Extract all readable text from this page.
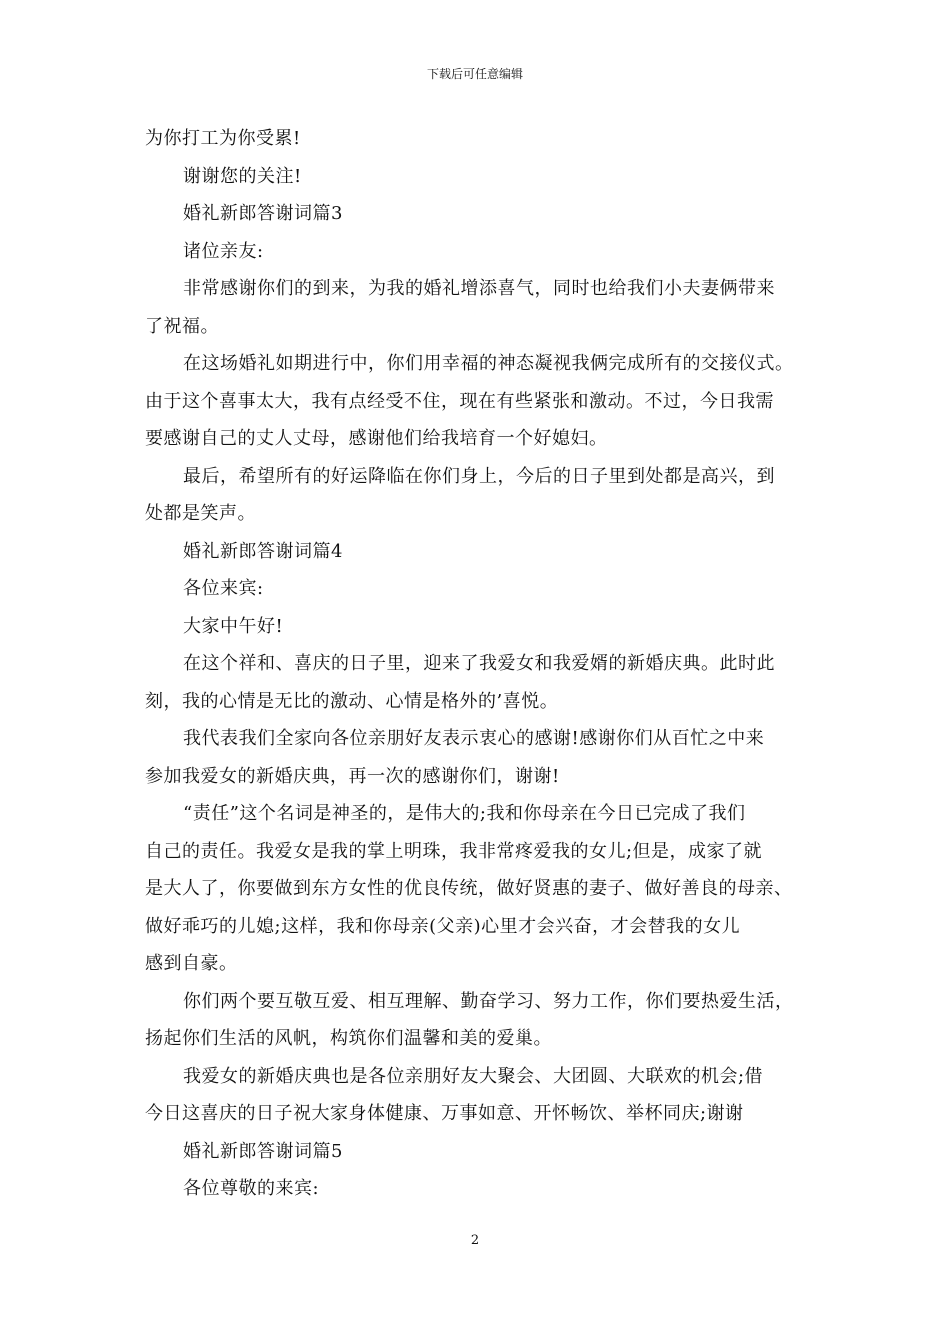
下载后可任意编辑

为你打工为你受累!

谢谢您的关注!

婚礼新郎答谢词篇3

诸位亲友:

非常感谢你们的到来，为我的婚礼增添喜气，同时也给我们小夫妻俩带来

了祝福。

在这场婚礼如期进行中，你们用幸福的神态凝视我俩完成所有的交接仪式。

由于这个喜事太大，我有点经受不住，现在有些紧张和激动。不过，今日我需

要感谢自己的丈人丈母，感谢他们给我培育一个好媳妇。

最后，希望所有的好运降临在你们身上，今后的日子里到处都是高兴，到

处都是笑声。

婚礼新郎答谢词篇4

各位来宾:

大家中午好!

在这个祥和、喜庆的日子里，迎来了我爱女和我爱婿的新婚庆典。此时此

刻，我的心情是无比的激动、心情是格外的’喜悦。

我代表我们全家向各位亲朋好友表示衷心的感谢!感谢你们从百忙之中来

参加我爱女的新婚庆典，再一次的感谢你们，谢谢!

“责任”这个名词是神圣的，是伟大的;我和你母亲在今日已完成了我们

自己的责任。我爱女是我的掌上明珠，我非常疼爱我的女儿;但是，成家了就

是大人了，你要做到东方女性的优良传统，做好贤惠的妻子、做好善良的母亲、

做好乖巧的儿媳;这样，我和你母亲(父亲)心里才会兴奋，才会替我的女儿

感到自豪。

你们两个要互敬互爱、相互理解、勤奋学习、努力工作，你们要热爱生活，

扬起你们生活的风帆，构筑你们温馨和美的爱巢。

我爱女的新婚庆典也是各位亲朋好友大聚会、大团圆、大联欢的机会;借

今日这喜庆的日子祝大家身体健康、万事如意、开怀畅饮、举杯同庆;谢谢

婚礼新郎答谢词篇5

各位尊敬的来宾:

2
